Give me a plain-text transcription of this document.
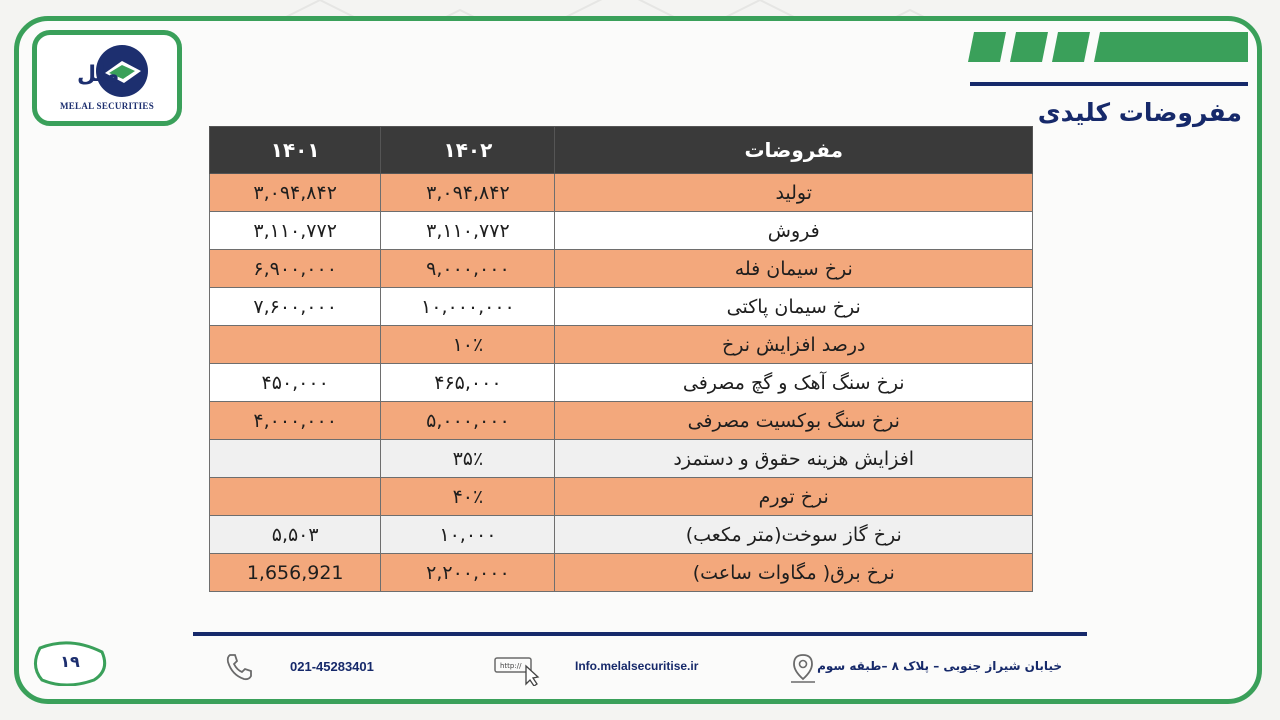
ملل
MELAL SECURITIES	مفروضات کلیدی
۱۴۰۱	۱۴۰۲	مفروضات
۳,۰۹۴,۸۴۲	۳,۰۹۴,۸۴۲	تولید
۳,۱۱۰,۷۷۲	۳,۱۱۰,۷۷۲	فروش
۶,۹۰۰,۰۰۰	۹,۰۰۰,۰۰۰	نرخ سیمان فله
۷,۶۰۰,۰۰۰	۱۰,۰۰۰,۰۰۰	نرخ سیمان پاکتی
	۱۰٪	درصد افزایش نرخ
۴۵۰,۰۰۰	۴۶۵,۰۰۰	نرخ سنگ آهک و گچ مصرفی
۴,۰۰۰,۰۰۰	۵,۰۰۰,۰۰۰	نرخ سنگ بوکسیت مصرفی
	۳۵٪	افزایش هزینه حقوق و دستمزد
	۴۰٪	نرخ تورم
۵,۵۰۳	۱۰,۰۰۰	نرخ گاز سوخت(متر مکعب)
1,656,921	۲,۲۰۰,۰۰۰	نرخ برق( مگاوات ساعت)
۱۹	021-45283401	http://	Info.melalsecuritise.ir	خیابان شیراز جنوبی – پلاک ۸ –طبقه سوم
